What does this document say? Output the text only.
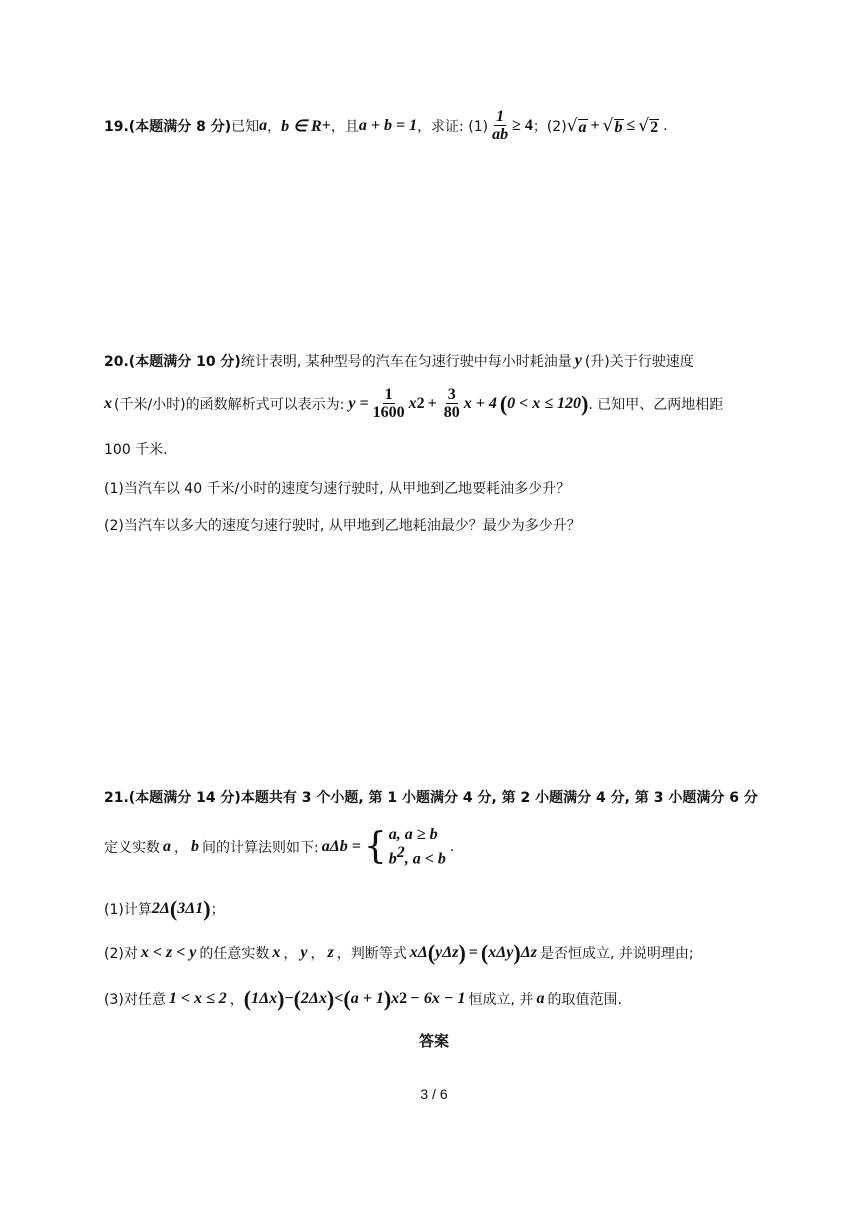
19.(本题满分 8 分) 已知 a ， b ∈ R + ，且 a + b = 1 ，求证: $(1) \frac{1}{ab} \ge 4$ ；(2) √ a + √ b ≤ √ 2 .
20.(本题满分 10 分) 统计表明, 某种型号的汽车在匀速行驶中每小时耗油量 y (升)关于行驶速度
x (千米/小时)的函数解析式可以表示为: $y = \frac{1}{1600}$ x $2 + \frac{3}{80}$ x + 4 ( 0 < x ≤ 120 ) . 已知甲、乙两地相距
100 千米.
(1)当汽车以 40 千米/小时的速度匀速行驶时, 从甲地到乙地要耗油多少升？
(2)当汽车以多大的速度匀速行驶时, 从甲地到乙地耗油最少？最少为多少升？
21.(本题满分 14 分)本题共有 3 个小题, 第 1 小题满分 4 分, 第 2 小题满分 4 分, 第 3 小题满分 6 分
定义实数 a ， b 间的计算法则如下: aΔb = { a, a ≥ b
$b^2$, a < b
.
(1)计算 2Δ ( 3Δ1 ) ；
(2)对 x < z < y 的任意实数 x ， y ， z ，判断等式 xΔ ( yΔz ) = ( xΔy ) Δz 是否恒成立, 并说明理由;
(3)对任意 1 < x ≤ 2 ， ( 1Δx ) − ( 2Δx ) < ( a + 1 ) x 2 − 6x − 1 恒成立, 并 a 的取值范围.
答案
3 / 6
